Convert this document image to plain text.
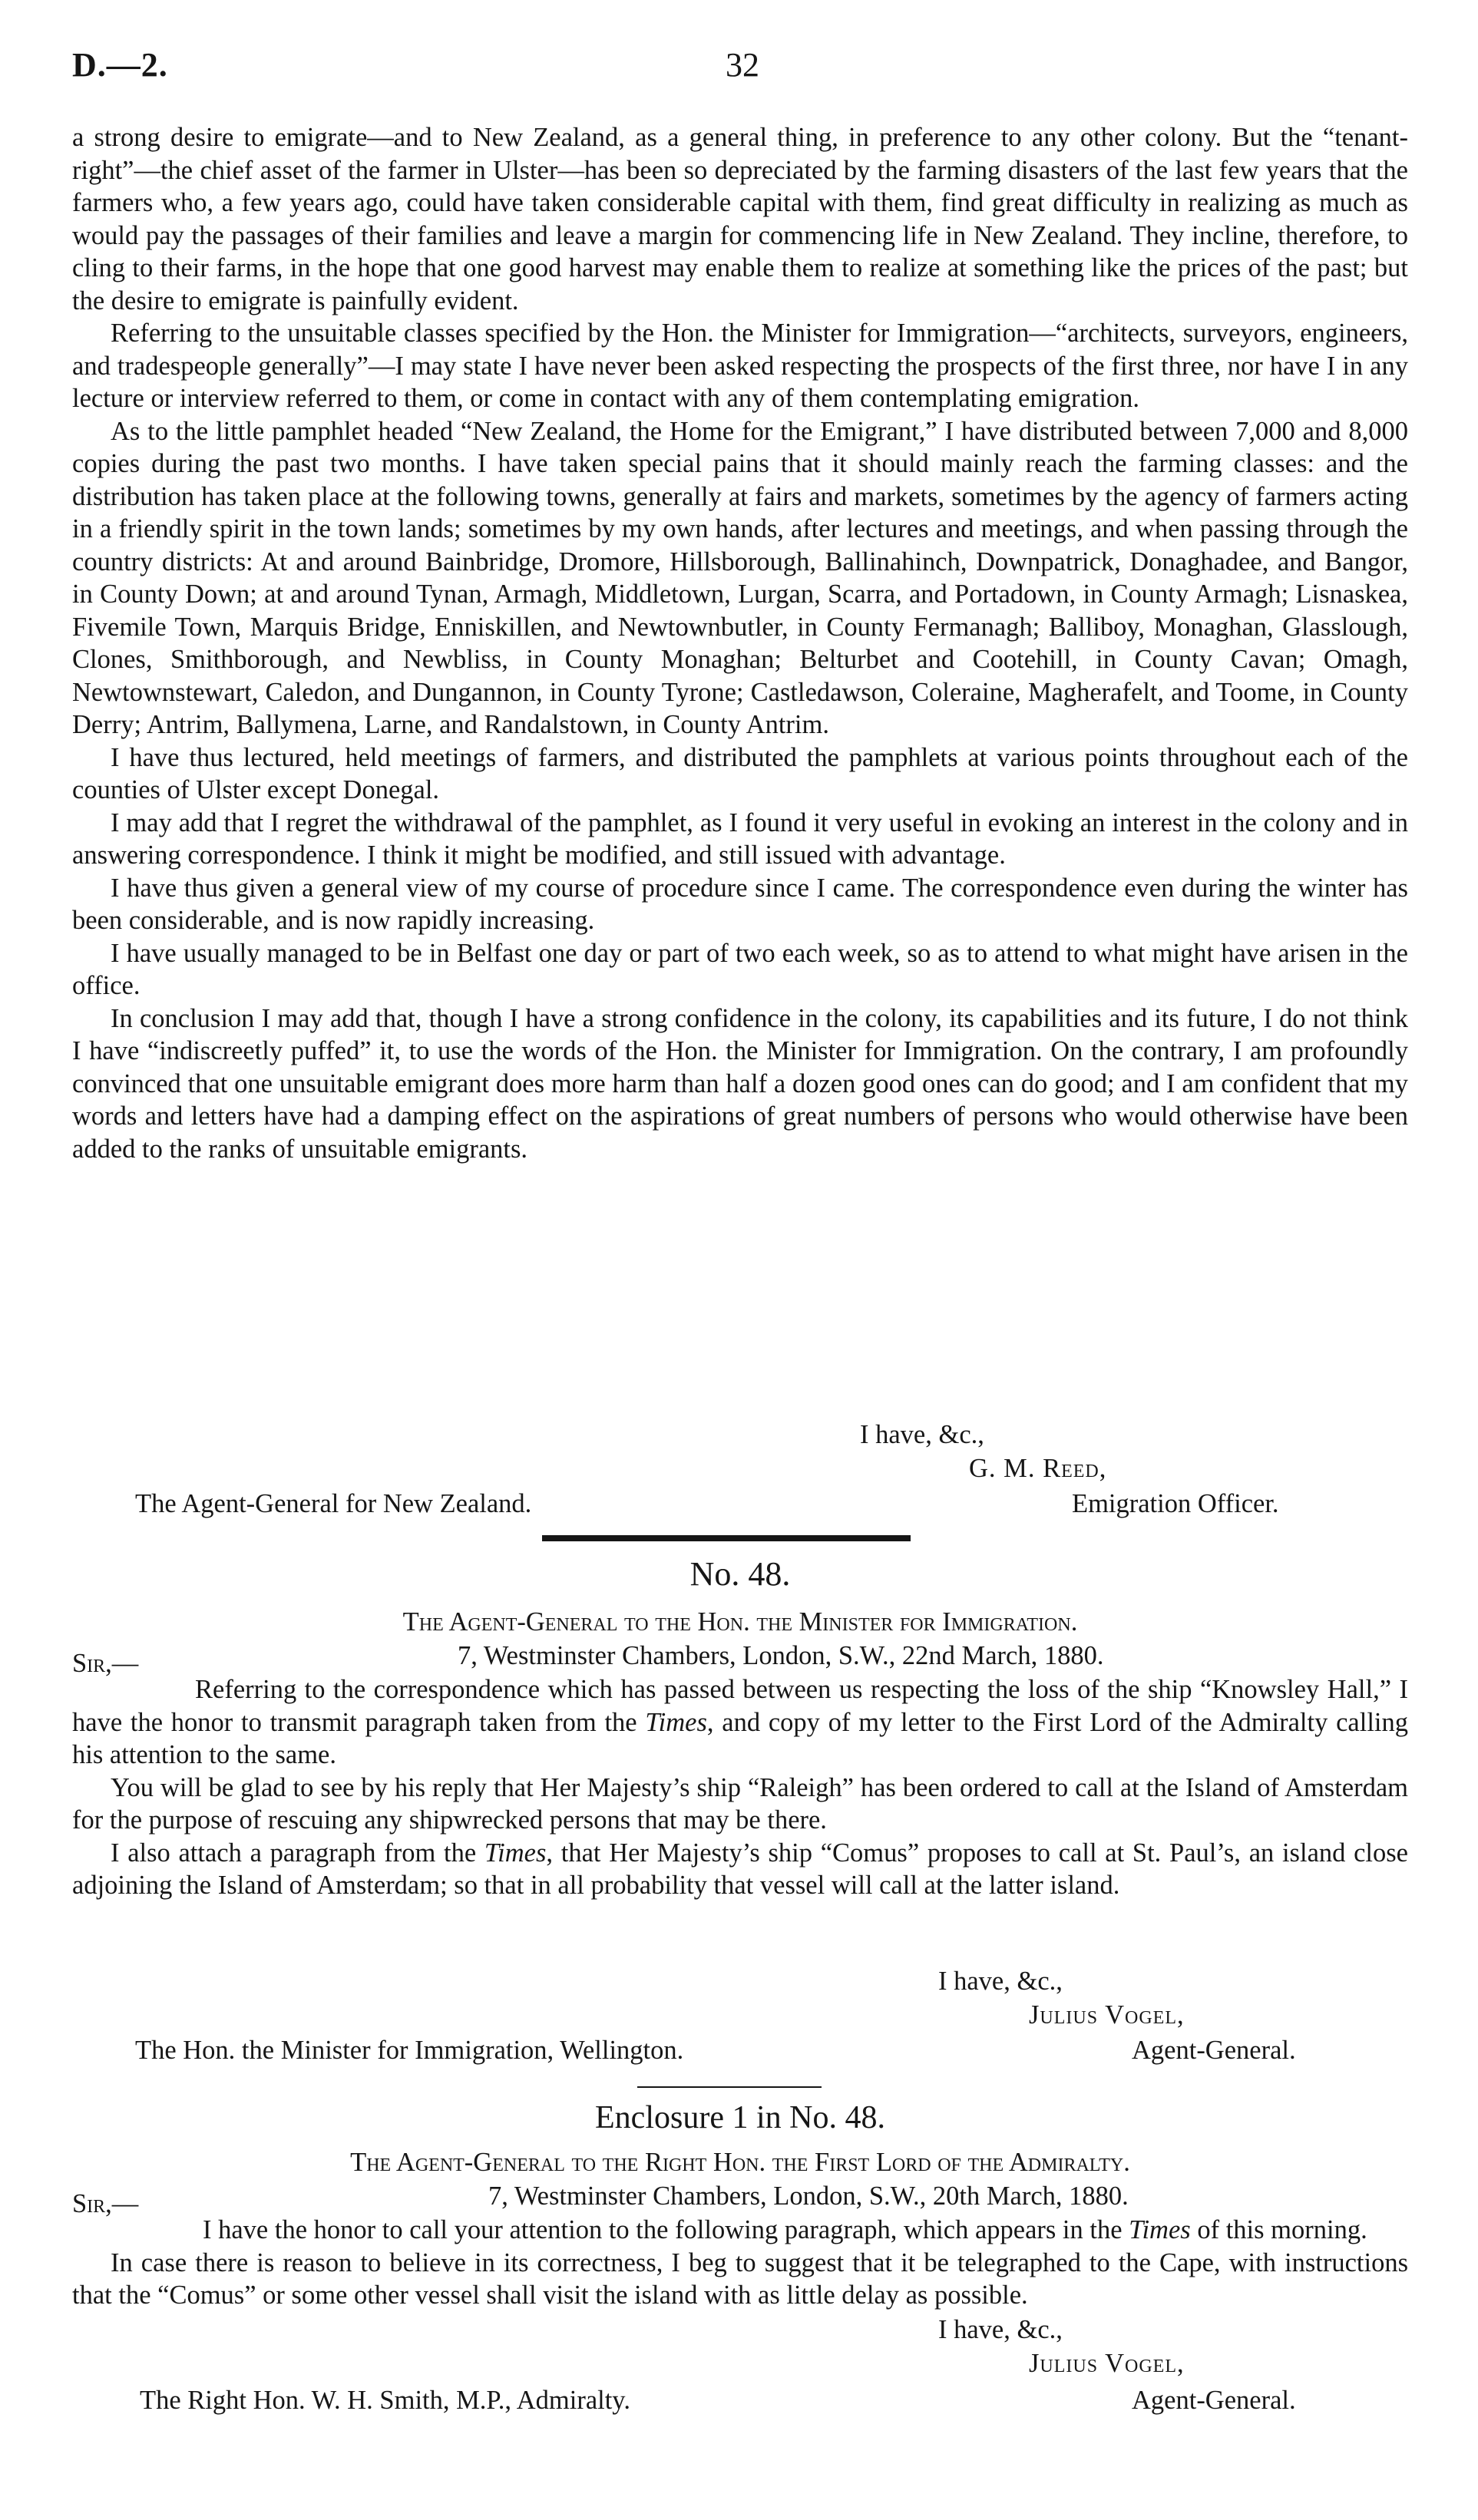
D.—2.	32

a strong desire to emigrate—and to New Zealand, as a general thing, in preference to any other colony. But the “tenant-right”—the chief asset of the farmer in Ulster—has been so depreciated by the farming disasters of the last few years that the farmers who, a few years ago, could have taken considerable capital with them, find great difficulty in realizing as much as would pay the passages of their families and leave a margin for commencing life in New Zealand. They incline, therefore, to cling to their farms, in the hope that one good harvest may enable them to realize at something like the prices of the past; but the desire to emigrate is painfully evident.

Referring to the unsuitable classes specified by the Hon. the Minister for Immigration—“architects, surveyors, engineers, and tradespeople generally”—I may state I have never been asked respecting the prospects of the first three, nor have I in any lecture or interview referred to them, or come in contact with any of them contemplating emigration.

As to the little pamphlet headed “New Zealand, the Home for the Emigrant,” I have distributed between 7,000 and 8,000 copies during the past two months. I have taken special pains that it should mainly reach the farming classes: and the distribution has taken place at the following towns, generally at fairs and markets, sometimes by the agency of farmers acting in a friendly spirit in the town lands; sometimes by my own hands, after lectures and meetings, and when passing through the country districts: At and around Bainbridge, Dromore, Hillsborough, Ballinahinch, Downpatrick, Donaghadee, and Bangor, in County Down; at and around Tynan, Armagh, Middletown, Lurgan, Scarra, and Portadown, in County Armagh; Lisnaskea, Fivemile Town, Marquis Bridge, Enniskillen, and Newtownbutler, in County Fermanagh; Balliboy, Monaghan, Glasslough, Clones, Smithborough, and Newbliss, in County Monaghan; Belturbet and Cootehill, in County Cavan; Omagh, Newtownstewart, Caledon, and Dungannon, in County Tyrone; Castledawson, Coleraine, Magherafelt, and Toome, in County Derry; Antrim, Ballymena, Larne, and Randalstown, in County Antrim.

I have thus lectured, held meetings of farmers, and distributed the pamphlets at various points throughout each of the counties of Ulster except Donegal.

I may add that I regret the withdrawal of the pamphlet, as I found it very useful in evoking an interest in the colony and in answering correspondence. I think it might be modified, and still issued with advantage.

I have thus given a general view of my course of procedure since I came. The correspondence even during the winter has been considerable, and is now rapidly increasing.

I have usually managed to be in Belfast one day or part of two each week, so as to attend to what might have arisen in the office.

In conclusion I may add that, though I have a strong confidence in the colony, its capabilities and its future, I do not think I have “indiscreetly puffed” it, to use the words of the Hon. the Minister for Immigration. On the contrary, I am profoundly convinced that one unsuitable emigrant does more harm than half a dozen good ones can do good; and I am confident that my words and letters have had a damping effect on the aspirations of great numbers of persons who would otherwise have been added to the ranks of unsuitable emigrants.

I have, &c.,
G. M. Reed,
The Agent-General for New Zealand.	Emigration Officer.
No. 48.
The Agent-General to the Hon. the Minister for Immigration.
Sir,—	7, Westminster Chambers, London, S.W., 22nd March, 1880.

Referring to the correspondence which has passed between us respecting the loss of the ship “Knowsley Hall,” I have the honor to transmit paragraph taken from the Times, and copy of my letter to the First Lord of the Admiralty calling his attention to the same.

You will be glad to see by his reply that Her Majesty’s ship “Raleigh” has been ordered to call at the Island of Amsterdam for the purpose of rescuing any shipwrecked persons that may be there.

I also attach a paragraph from the Times, that Her Majesty’s ship “Comus” proposes to call at St. Paul’s, an island close adjoining the Island of Amsterdam; so that in all probability that vessel will call at the latter island.

I have, &c.,
Julius Vogel,
The Hon. the Minister for Immigration, Wellington.	Agent-General.
Enclosure 1 in No. 48.
The Agent-General to the Right Hon. the First Lord of the Admiralty.
Sir,—	7, Westminster Chambers, London, S.W., 20th March, 1880.

I have the honor to call your attention to the following paragraph, which appears in the Times of this morning.

In case there is reason to believe in its correctness, I beg to suggest that it be telegraphed to the Cape, with instructions that the “Comus” or some other vessel shall visit the island with as little delay as possible.

I have, &c.,
Julius Vogel,
The Right Hon. W. H. Smith, M.P., Admiralty.	Agent-General.
